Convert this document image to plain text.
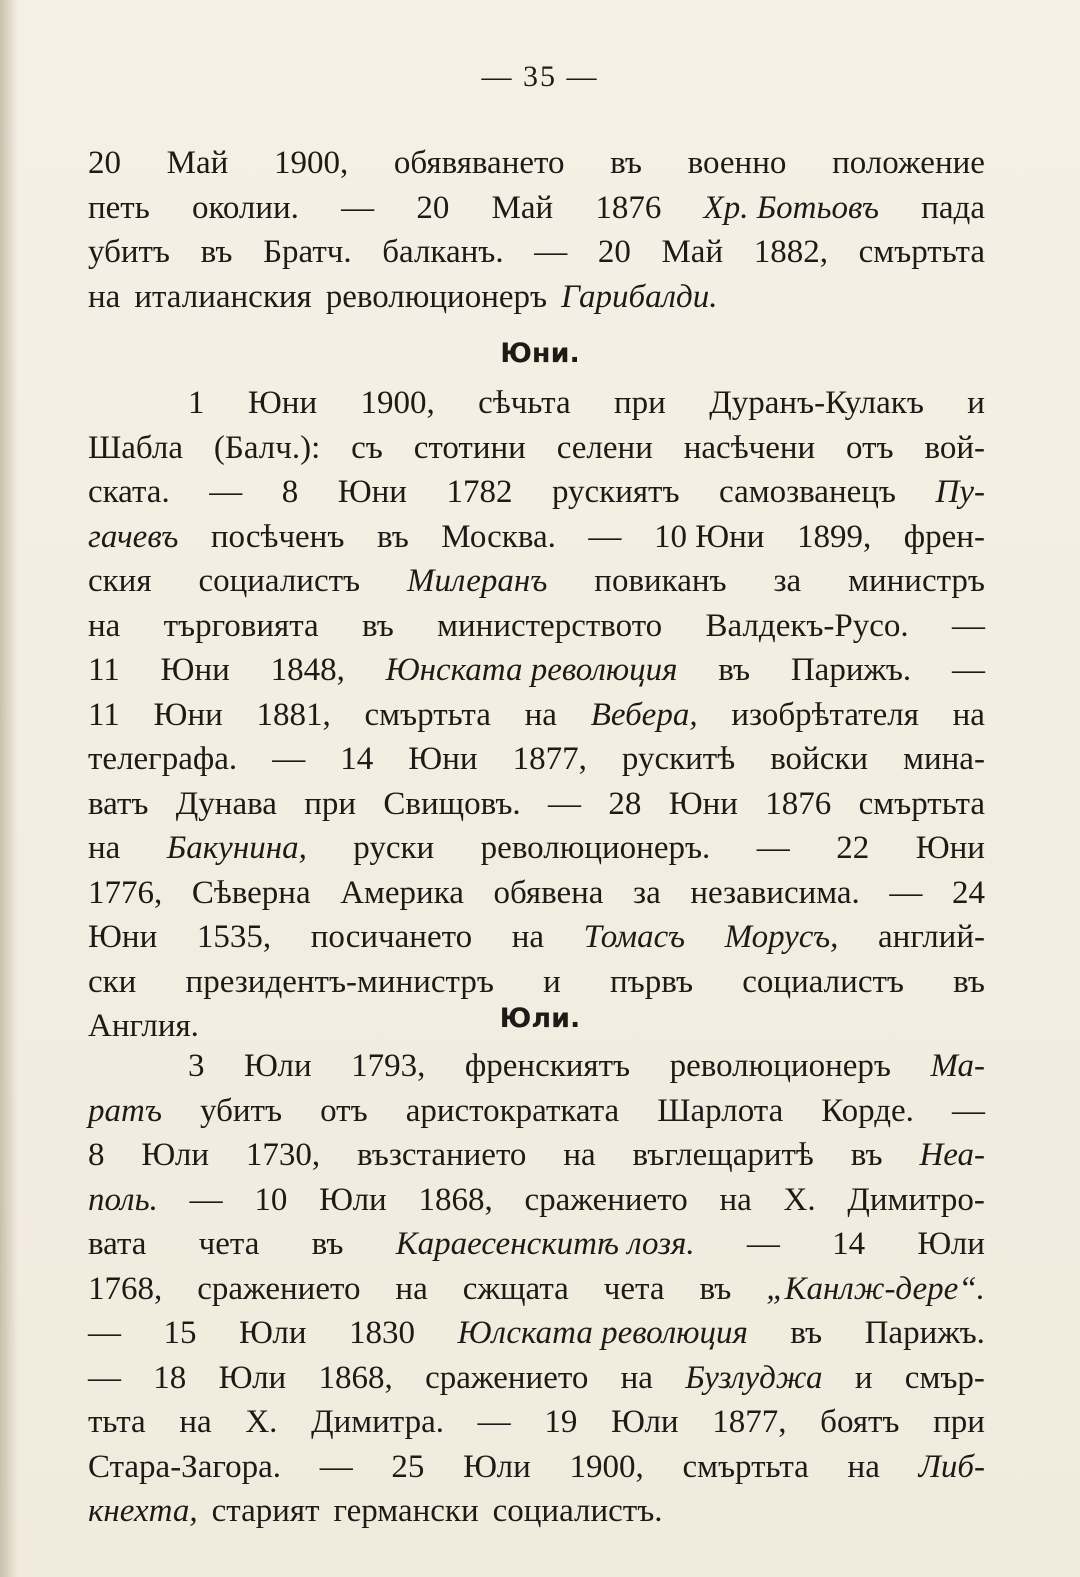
— 35 —
20 Май 1900, обявяването въ военно положение
петь околии. — 20 Май 1876 Хр. Ботьовъ пада
убитъ въ Братч. балканъ. — 20 Май 1882, смъртьта
на италианския революционеръ Гарибалди.
Юни.
1 Юни 1900, сѣчьта при Дуранъ-Кулакъ и
Шабла (Балч.): съ стотини селени насѣчени отъ вой-
ската. — 8 Юни 1782 рускиятъ самозванецъ Пу-
гачевъ посѣченъ въ Москва. — 10 Юни 1899, френ-
ския социалистъ Милеранъ повиканъ за министръ
на търговията въ министерството Валдекъ-Русо. —
11 Юни 1848, Юнската революция въ Парижъ. —
11 Юни 1881, смъртьта на Вебера, изобрѣтателя на
телеграфа. — 14 Юни 1877, рускитѣ войски мина-
ватъ Дунава при Свищовъ. — 28 Юни 1876 смъртьта
на Бакунина, руски революционеръ. — 22 Юни
1776, Сѣверна Америка обявена за независима. — 24
Юни 1535, посичането на Томасъ Морусъ, англий-
ски президентъ-министръ и първъ социалистъ въ
Англия.	Юли.
3 Юли 1793, френскиятъ революционеръ Ма-
ратъ убитъ отъ аристократката Шарлота Корде. —
8 Юли 1730, възстанието на въглещаритѣ въ Неа-
поль. — 10 Юли 1868, сражението на Х. Димитро-
вата чета въ Караесенскитѣ лозя. — 14 Юли
1768, сражението на сжщата чета въ „Канлж-дере“.
— 15 Юли 1830 Юлската революция въ Парижъ.
— 18 Юли 1868, сражението на Бузлуджа и смър-
тьта на Х. Димитра. — 19 Юли 1877, боятъ при
Стара-Загора. — 25 Юли 1900, смъртьта на Либ-
кнехта, старият германски социалистъ.
